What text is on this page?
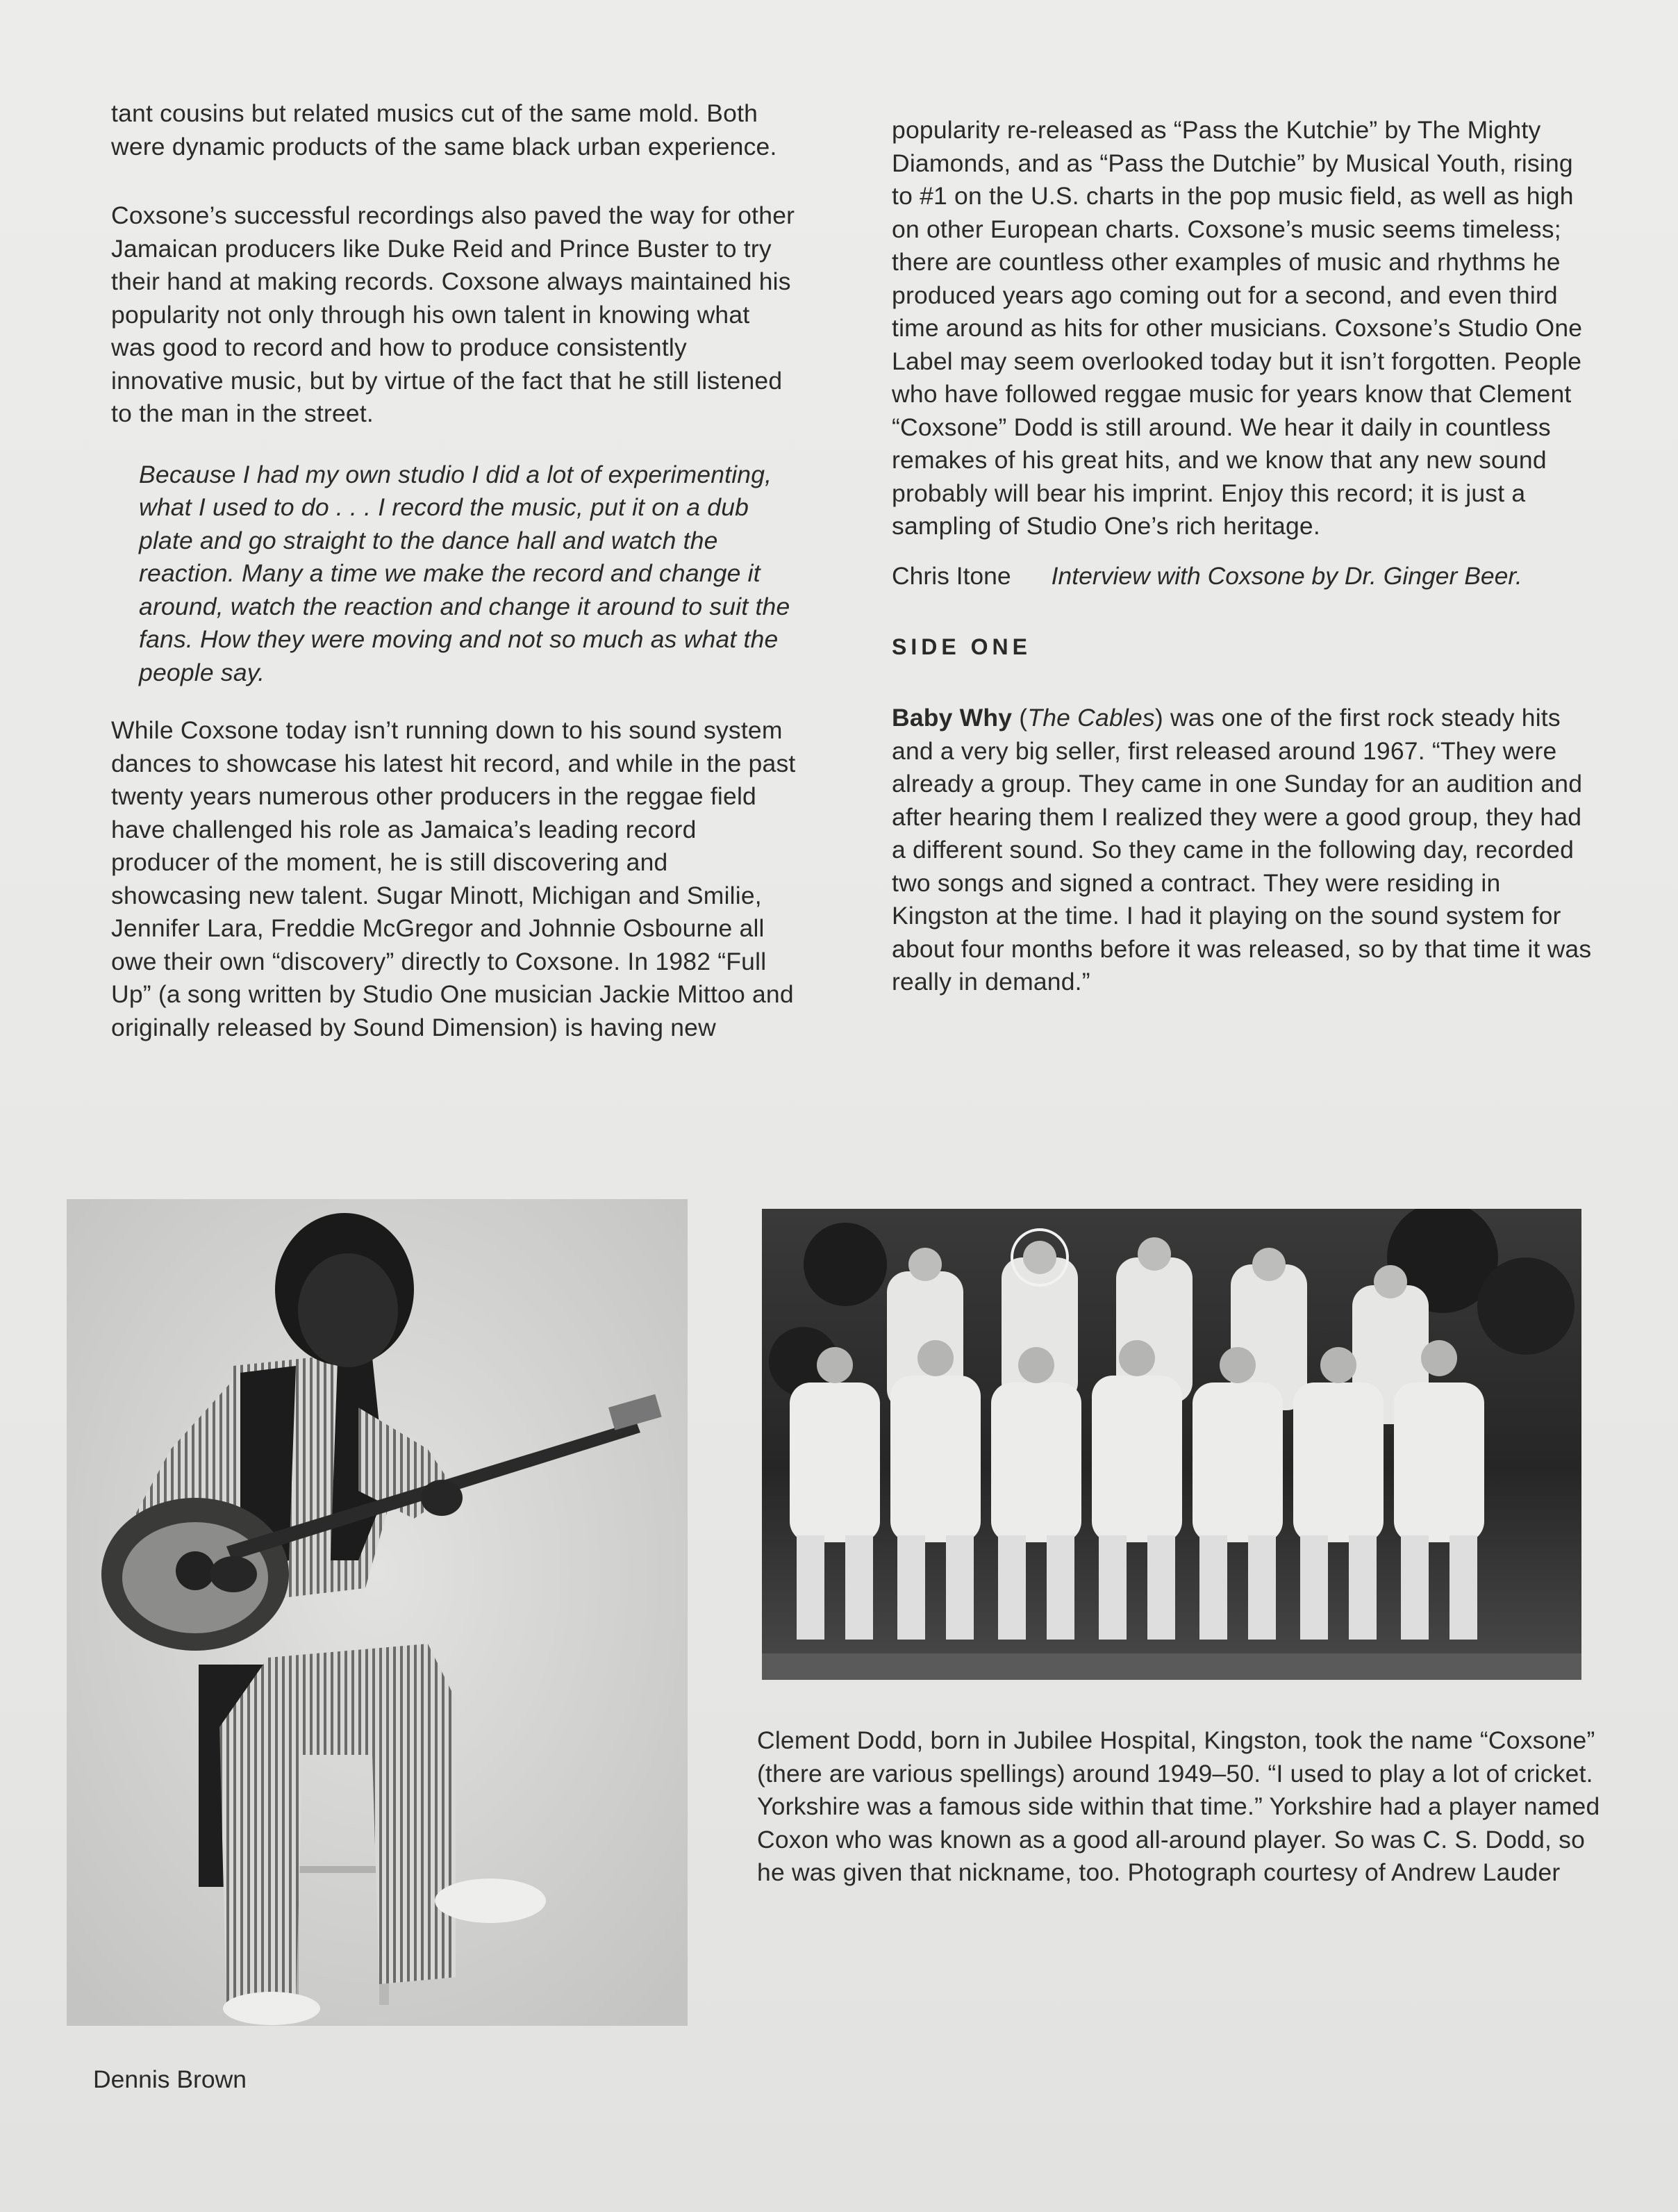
tant cousins but related musics cut of the same mold. Both were dynamic products of the same black urban experience.

Coxsone’s successful recordings also paved the way for other Jamaican producers like Duke Reid and Prince Buster to try their hand at making records. Coxsone always maintained his popularity not only through his own talent in knowing what was good to record and how to produce consistently innovative music, but by virtue of the fact that he still listened to the man in the street.

Because I had my own studio I did a lot of experimenting, what I used to do . . . I record the music, put it on a dub plate and go straight to the dance hall and watch the reaction. Many a time we make the record and change it around, watch the reaction and change it around to suit the fans. How they were moving and not so much as what the people say.

While Coxsone today isn’t running down to his sound system dances to showcase his latest hit record, and while in the past twenty years numerous other producers in the reggae field have challenged his role as Jamaica’s leading record producer of the moment, he is still discovering and showcasing new talent. Sugar Minott, Michigan and Smilie, Jennifer Lara, Freddie McGregor and Johnnie Osbourne all owe their own “discovery” directly to Coxsone. In 1982 “Full Up” (a song written by Studio One musician Jackie Mittoo and originally released by Sound Dimension) is having new

popularity re-released as “Pass the Kutchie” by The Mighty Diamonds, and as “Pass the Dutchie” by Musical Youth, rising to #1 on the U.S. charts in the pop music field, as well as high on other European charts. Coxsone’s music seems timeless; there are countless other examples of music and rhythms he produced years ago coming out for a second, and even third time around as hits for other musicians. Coxsone’s Studio One Label may seem overlooked today but it isn’t forgotten. People who have followed reggae music for years know that Clement “Coxsone” Dodd is still around. We hear it daily in countless remakes of his great hits, and we know that any new sound probably will bear his imprint. Enjoy this record; it is just a sampling of Studio One’s rich heritage.

Chris Itone Interview with Coxsone by Dr. Ginger Beer.
SIDE ONE

Baby Why (The Cables) was one of the first rock steady hits and a very big seller, first released around 1967. “They were already a group. They came in one Sunday for an audition and after hearing them I realized they were a good group, they had a different sound. So they came in the following day, recorded two songs and signed a contract. They were residing in Kingston at the time. I had it playing on the sound system for about four months before it was released, so by that time it was really in demand.”

Clement Dodd, born in Jubilee Hospital, Kingston, took the name “Coxsone” (there are various spellings) around 1949–50. “I used to play a lot of cricket. Yorkshire was a famous side within that time.” Yorkshire had a player named Coxon who was known as a good all-around player. So was C. S. Dodd, so he was given that nickname, too. Photograph courtesy of Andrew Lauder

Dennis Brown
